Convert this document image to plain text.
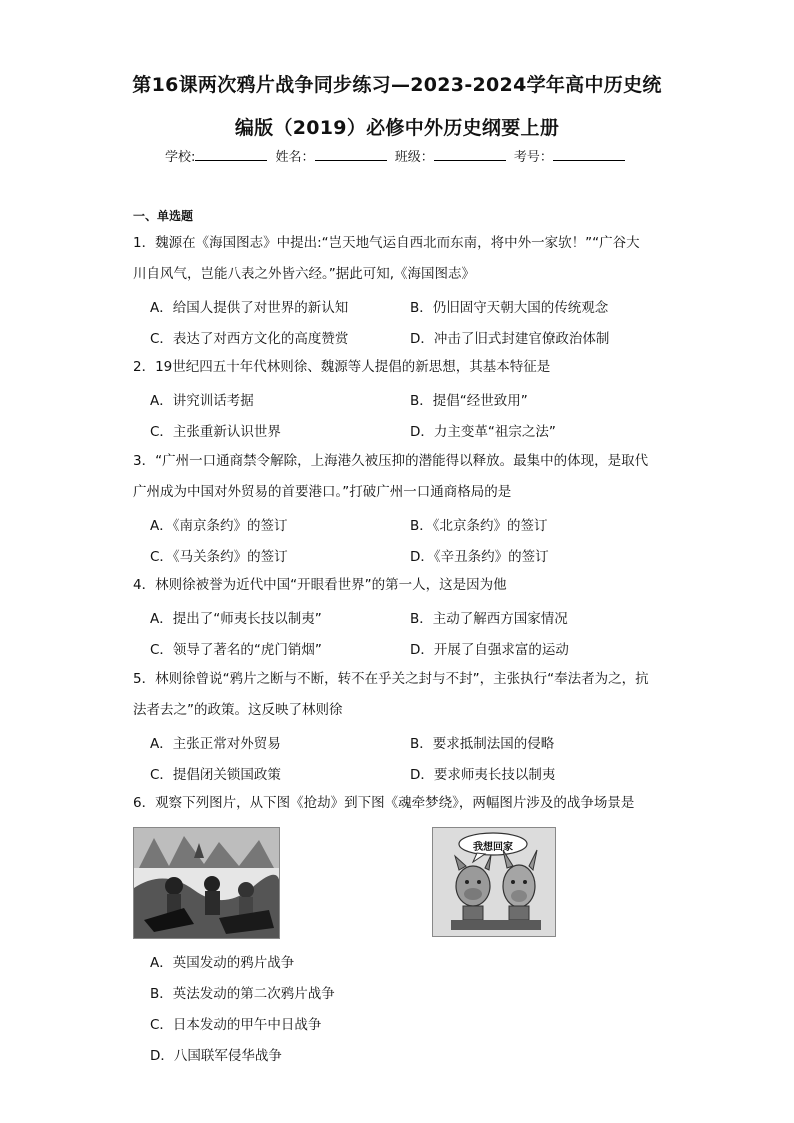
第16课两次鸦片战争同步练习—2023-2024学年高中历史统
编版（2019）必修中外历史纲要上册
学校:	姓名：	班级：	考号：
一、单选题
1．魏源在《海国图志》中提出:“岂天地气运自西北而东南，将中外一家欤！”“广谷大
川自风气，岂能八表之外皆六经。”据此可知,《海国图志》
A．给国人提供了对世界的新认知	B．仍旧固守天朝大国的传统观念
C．表达了对西方文化的高度赞赏	D．冲击了旧式封建官僚政治体制
2．19世纪四五十年代林则徐、魏源等人提倡的新思想，其基本特征是
A．讲究训话考据	B．提倡“经世致用”
C．主张重新认识世界	D．力主变革“祖宗之法”
3．“广州一口通商禁令解除，上海港久被压抑的潜能得以释放。最集中的体现，是取代
广州成为中国对外贸易的首要港口。”打破广州一口通商格局的是
A．《南京条约》的签订	B．《北京条约》的签订
C．《马关条约》的签订	D．《辛丑条约》的签订
4．林则徐被誉为近代中国“开眼看世界”的第一人，这是因为他
A．提出了“师夷长技以制夷”	B．主动了解西方国家情况
C．领导了著名的“虎门销烟”	D．开展了自强求富的运动
5．林则徐曾说“鸦片之断与不断，转不在乎关之封与不封”，主张执行“奉法者为之，抗
法者去之”的政策。这反映了林则徐
A．主张正常对外贸易	B．要求抵制法国的侵略
C．提倡闭关锁国政策	D．要求师夷长技以制夷
6．观察下列图片，从下图《抢劫》到下图《魂牵梦绕》，两幅图片涉及的战争场景是
我想回家
A．英国发动的鸦片战争
B．英法发动的第二次鸦片战争
C．日本发动的甲午中日战争
D．八国联军侵华战争
